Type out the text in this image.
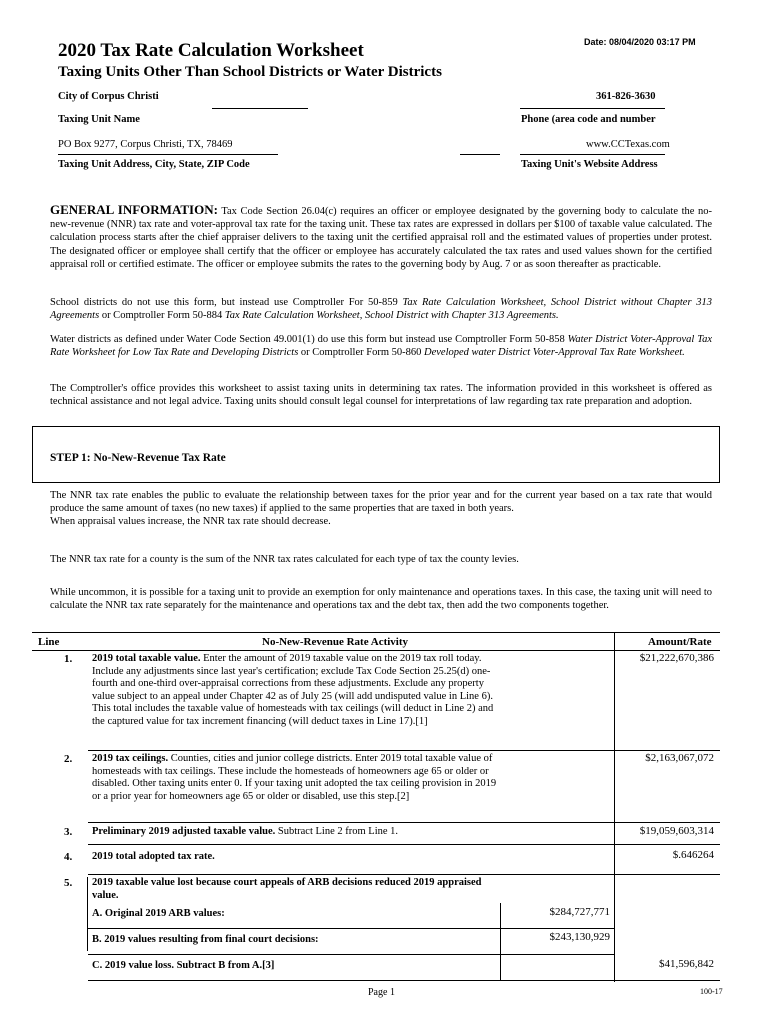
Date: 08/04/2020 03:17 PM
2020 Tax Rate Calculation Worksheet
Taxing Units Other Than School Districts or Water Districts
City of Corpus Christi
Taxing Unit Name
361-826-3630
Phone (area code and number
PO Box 9277, Corpus Christi, TX, 78469
Taxing Unit Address, City, State, ZIP Code
www.CCTexas.com
Taxing Unit's Website Address
GENERAL INFORMATION: Tax Code Section 26.04(c) requires an officer or employee designated by the governing body to calculate the no-new-revenue (NNR) tax rate and voter-approval tax rate for the taxing unit. These tax rates are expressed in dollars per $100 of taxable value calculated. The calculation process starts after the chief appraiser delivers to the taxing unit the certified appraisal roll and the estimated values of properties under protest. The designated officer or employee shall certify that the officer or employee has accurately calculated the tax rates and used values shown for the certified appraisal roll or certified estimate. The officer or employee submits the rates to the governing body by Aug. 7 or as soon thereafter as practicable.
School districts do not use this form, but instead use Comptroller For 50-859 Tax Rate Calculation Worksheet, School District without Chapter 313 Agreements or Comptroller Form 50-884 Tax Rate Calculation Worksheet, School District with Chapter 313 Agreements.
Water districts as defined under Water Code Section 49.001(1) do use this form but instead use Comptroller Form 50-858 Water District Voter-Approval Tax Rate Worksheet for Low Tax Rate and Developing Districts or Comptroller Form 50-860 Developed water District Voter-Approval Tax Rate Worksheet.
The Comptroller's office provides this worksheet to assist taxing units in determining tax rates. The information provided in this worksheet is offered as technical assistance and not legal advice. Taxing units should consult legal counsel for interpretations of law regarding tax rate preparation and adoption.
STEP 1: No-New-Revenue Tax Rate
The NNR tax rate enables the public to evaluate the relationship between taxes for the prior year and for the current year based on a tax rate that would produce the same amount of taxes (no new taxes) if applied to the same properties that are taxed in both years.
When appraisal values increase, the NNR tax rate should decrease.
The NNR tax rate for a county is the sum of the NNR tax rates calculated for each type of tax the county levies.
While uncommon, it is possible for a taxing unit to provide an exemption for only maintenance and operations taxes. In this case, the taxing unit will need to calculate the NNR tax rate separately for the maintenance and operations tax and the debt tax, then add the two components together.
Line	No-New-Revenue Rate Activity	Amount/Rate
1. 2019 total taxable value. Enter the amount of 2019 taxable value on the 2019 tax roll today. Include any adjustments since last year's certification; exclude Tax Code Section 25.25(d) one-fourth and one-third over-appraisal corrections from these adjustments. Exclude any property value subject to an appeal under Chapter 42 as of July 25 (will add undisputed value in Line 6). This total includes the taxable value of homesteads with tax ceilings (will deduct in Line 2) and the captured value for tax increment financing (will deduct taxes in Line 17).[1]
$21,222,670,386
2. 2019 tax ceilings. Counties, cities and junior college districts. Enter 2019 total taxable value of homesteads with tax ceilings. These include the homesteads of homeowners age 65 or older or disabled. Other taxing units enter 0. If your taxing unit adopted the tax ceiling provision in 2019 or a prior year for homeowners age 65 or older or disabled, use this step.[2]
$2,163,067,072
3. Preliminary 2019 adjusted taxable value. Subtract Line 2 from Line 1.	$19,059,603,314
4. 2019 total adopted tax rate.	$.646264
5. 2019 taxable value lost because court appeals of ARB decisions reduced 2019 appraised value.
A. Original 2019 ARB values:	$284,727,771
B. 2019 values resulting from final court decisions:	$243,130,929
C. 2019 value loss. Subtract B from A.[3]	$41,596,842
Page 1	100-17
